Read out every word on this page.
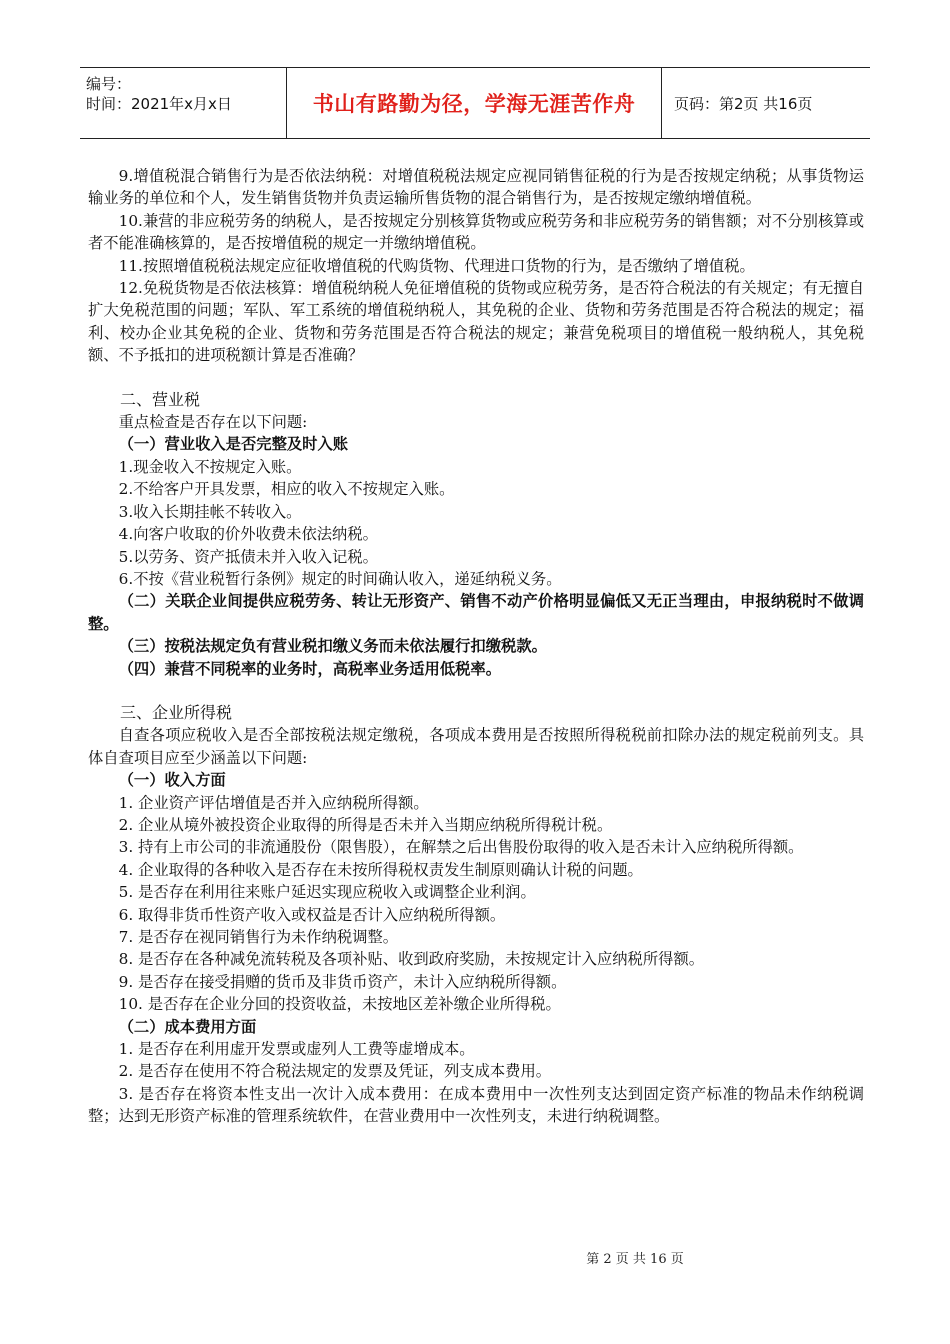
编号：
时间：2021年x月x日	书山有路勤为径，学海无涯苦作舟	页码：第2页 共16页

9.增值税混合销售行为是否依法纳税：对增值税税法规定应视同销售征税的行为是否按规定纳税；从事货物运输业务的单位和个人，发生销售货物并负责运输所售货物的混合销售行为，是否按规定缴纳增值税。

10.兼营的非应税劳务的纳税人，是否按规定分别核算货物或应税劳务和非应税劳务的销售额；对不分别核算或者不能准确核算的，是否按增值税的规定一并缴纳增值税。

11.按照增值税税法规定应征收增值税的代购货物、代理进口货物的行为，是否缴纳了增值税。

12.免税货物是否依法核算：增值税纳税人免征增值税的货物或应税劳务，是否符合税法的有关规定；有无擅自扩大免税范围的问题；军队、军工系统的增值税纳税人，其免税的企业、货物和劳务范围是否符合税法的规定；福利、校办企业其免税的企业、货物和劳务范围是否符合税法的规定；兼营免税项目的增值税一般纳税人，其免税额、不予抵扣的进项税额计算是否准确？

二、营业税

重点检查是否存在以下问题:

（一）营业收入是否完整及时入账

1.现金收入不按规定入账。

2.不给客户开具发票，相应的收入不按规定入账。

3.收入长期挂帐不转收入。

4.向客户收取的价外收费未依法纳税。

5.以劳务、资产抵债未并入收入记税。

6.不按《营业税暂行条例》规定的时间确认收入，递延纳税义务。

（二）关联企业间提供应税劳务、转让无形资产、销售不动产价格明显偏低又无正当理由，申报纳税时不做调整。

（三）按税法规定负有营业税扣缴义务而未依法履行扣缴税款。

（四）兼营不同税率的业务时，高税率业务适用低税率。

三、企业所得税

自查各项应税收入是否全部按税法规定缴税，各项成本费用是否按照所得税税前扣除办法的规定税前列支。具体自查项目应至少涵盖以下问题:

（一）收入方面

1. 企业资产评估增值是否并入应纳税所得额。

2. 企业从境外被投资企业取得的所得是否未并入当期应纳税所得税计税。

3. 持有上市公司的非流通股份（限售股），在解禁之后出售股份取得的收入是否未计入应纳税所得额。

4. 企业取得的各种收入是否存在未按所得税权责发生制原则确认计税的问题。

5. 是否存在利用往来账户延迟实现应税收入或调整企业利润。

6. 取得非货币性资产收入或权益是否计入应纳税所得额。

7. 是否存在视同销售行为未作纳税调整。

8. 是否存在各种减免流转税及各项补贴、收到政府奖励，未按规定计入应纳税所得额。

9. 是否存在接受捐赠的货币及非货币资产，未计入应纳税所得额。

10. 是否存在企业分回的投资收益，未按地区差补缴企业所得税。

（二）成本费用方面

1. 是否存在利用虚开发票或虚列人工费等虚增成本。

2. 是否存在使用不符合税法规定的发票及凭证，列支成本费用。

3. 是否存在将资本性支出一次计入成本费用：在成本费用中一次性列支达到固定资产标准的物品未作纳税调整；达到无形资产标准的管理系统软件，在营业费用中一次性列支，未进行纳税调整。

第 2 页 共 16 页
